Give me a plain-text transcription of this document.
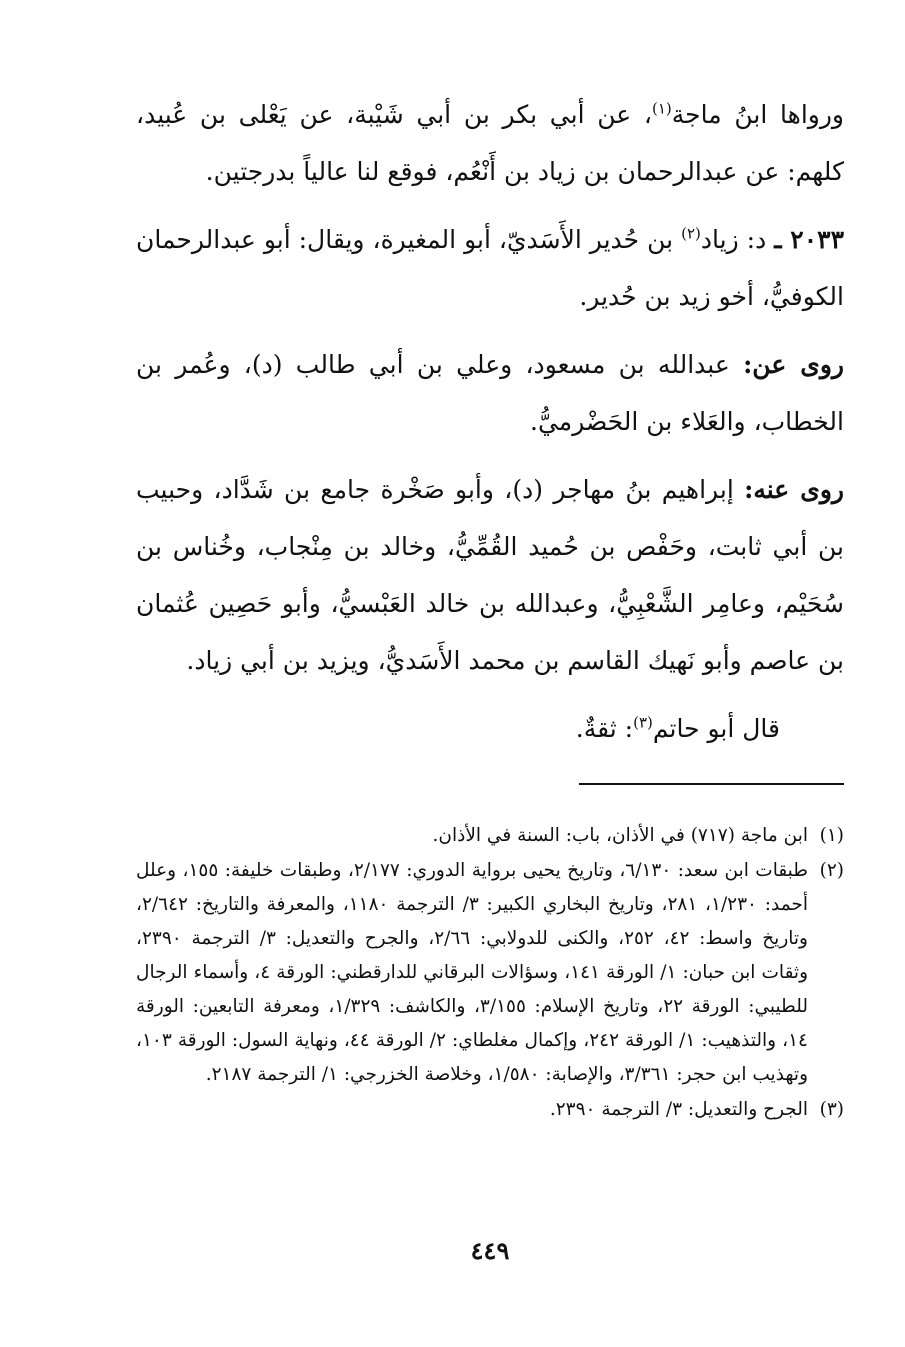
ورواها ابنُ ماجة$^{(١)}$، عن أبي بكر بن أبي شَيْبة، عن يَعْلى بن عُبيد، كلهم: عن عبدالرحمان بن زياد بن أَنْعُم، فوقع لنا عالياً بدرجتين.

٢٠٣٣ ـ د: زياد$^{(٢)}$ بن حُدير الأَسَديّ، أبو المغيرة، ويقال: أبو عبدالرحمان الكوفيُّ، أخو زيد بن حُدير.

روى عن: عبدالله بن مسعود، وعلي بن أبي طالب (د)، وعُمر بن الخطاب، والعَلاء بن الحَضْرميُّ.

روى عنه: إبراهيم بنُ مهاجر (د)، وأبو صَخْرة جامع بن شَدَّاد، وحبيب بن أبي ثابت، وحَفْص بن حُميد القُمِّيُّ، وخالد بن مِنْجاب، وخُناس بن سُحَيْم، وعامِر الشَّعْبِيُّ، وعبدالله بن خالد العَبْسيُّ، وأبو حَصِين عُثمان بن عاصم وأبو نَهيك القاسم بن محمد الأَسَديُّ، ويزيد بن أبي زياد.

قال أبو حاتم$^{(٣)}$: ثقةٌ.

(١)
ابن ماجة (٧١٧) في الأذان، باب: السنة في الأذان.
(٢)
طبقات ابن سعد: ٦/١٣٠، وتاريخ يحيى برواية الدوري: ٢/١٧٧، وطبقات خليفة: ١٥٥، وعلل أحمد: ١/٢٣٠، ٢٨١، وتاريخ البخاري الكبير: ٣/ الترجمة ١١٨٠، والمعرفة والتاريخ: ٢/٦٤٢، وتاريخ واسط: ٤٢، ٢٥٢، والكنى للدولابي: ٢/٦٦، والجرح والتعديل: ٣/ الترجمة ٢٣٩٠، وثقات ابن حبان: ١/ الورقة ١٤١، وسؤالات البرقاني للدارقطني: الورقة ٤، وأسماء الرجال للطيبي: الورقة ٢٢، وتاريخ الإسلام: ٣/١٥٥، والكاشف: ١/٣٢٩، ومعرفة التابعين: الورقة ١٤، والتذهيب: ١/ الورقة ٢٤٢، وإكمال مغلطاي: ٢/ الورقة ٤٤، ونهاية السول: الورقة ١٠٣، وتهذيب ابن حجر: ٣/٣٦١، والإصابة: ١/٥٨٠، وخلاصة الخزرجي: ١/ الترجمة ٢١٨٧.
(٣)
الجرح والتعديل: ٣/ الترجمة ٢٣٩٠.
٤٤٩
